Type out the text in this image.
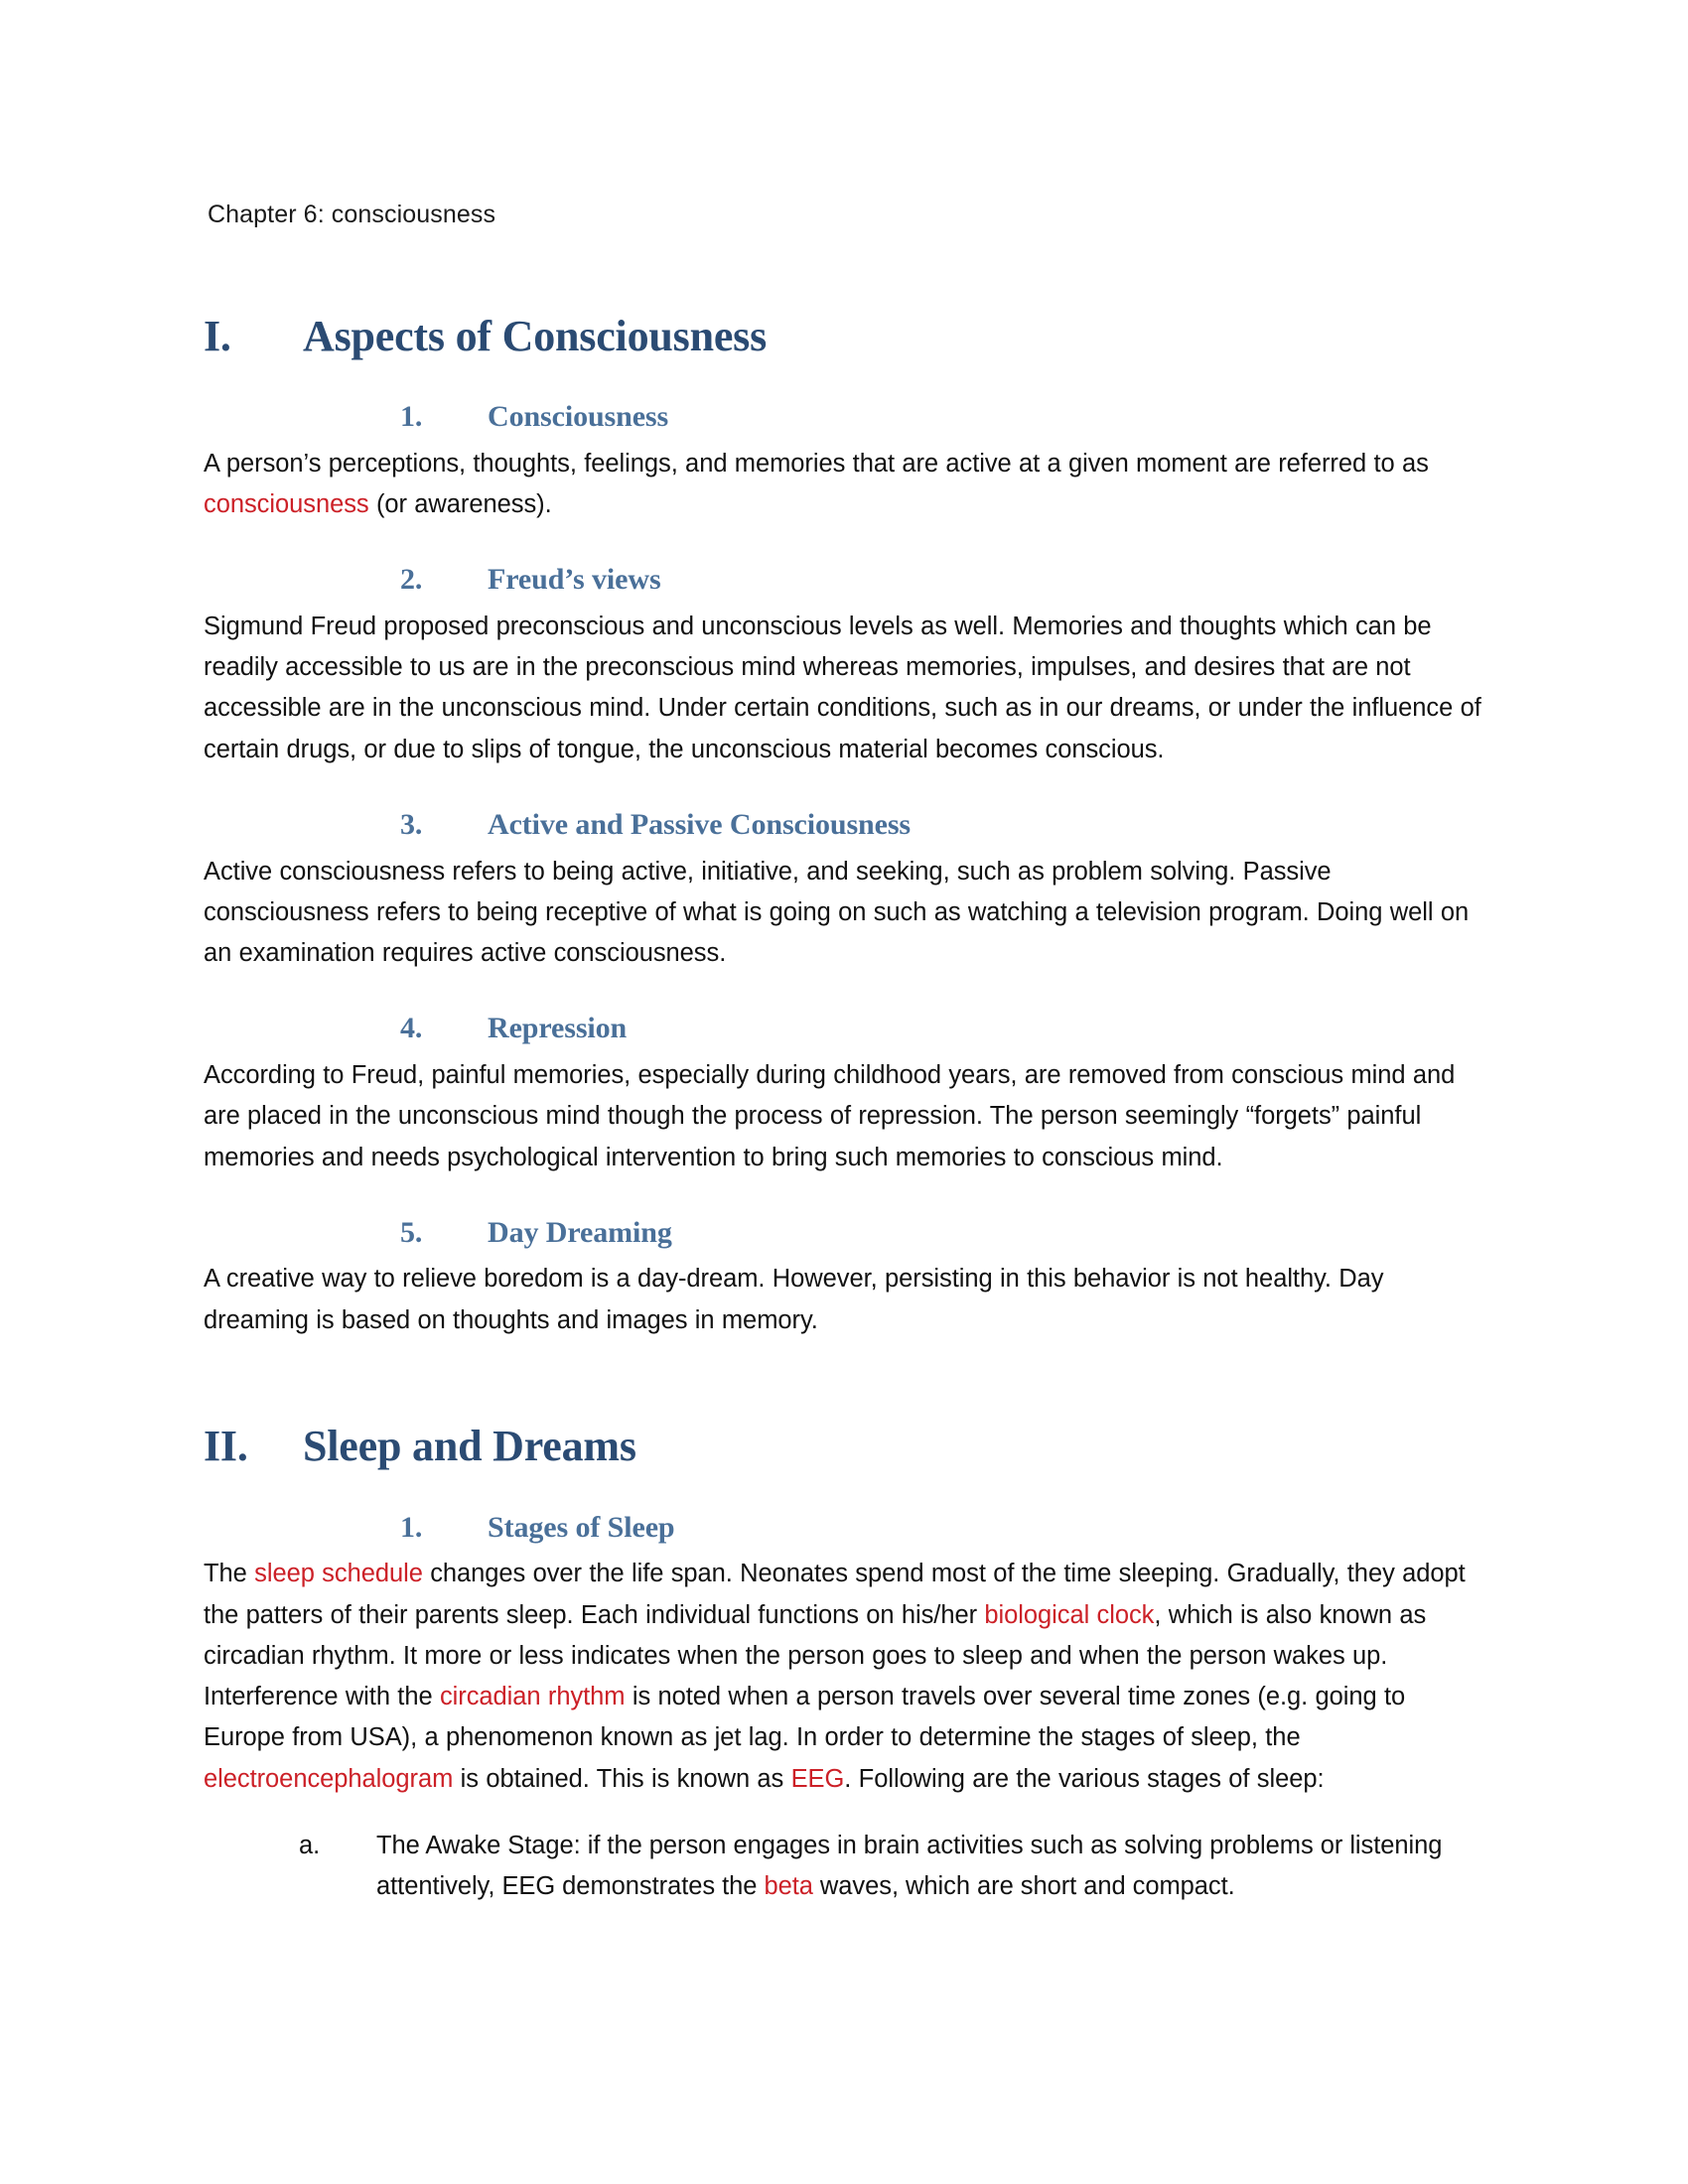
Chapter 6: consciousness
I.	Aspects of Consciousness
1.	Consciousness

A person’s perceptions, thoughts, feelings, and memories that are active at a given moment are referred to as consciousness (or awareness).

2.	Freud’s views

Sigmund Freud proposed preconscious and unconscious levels as well. Memories and thoughts which can be readily accessible to us are in the preconscious mind whereas memories, impulses, and desires that are not accessible are in the unconscious mind. Under certain conditions, such as in our dreams, or under the influence of certain drugs, or due to slips of tongue, the unconscious material becomes conscious.

3.	Active and Passive Consciousness

Active consciousness refers to being active, initiative, and seeking, such as problem solving. Passive consciousness refers to being receptive of what is going on such as watching a television program. Doing well on an examination requires active consciousness.

4.	Repression

According to Freud, painful memories, especially during childhood years, are removed from conscious mind and are placed in the unconscious mind though the process of repression. The person seemingly “forgets” painful memories and needs psychological intervention to bring such memories to conscious mind.

5.	Day Dreaming

A creative way to relieve boredom is a day-dream. However, persisting in this behavior is not healthy. Day dreaming is based on thoughts and images in memory.

II.	Sleep and Dreams
1.	Stages of Sleep

The sleep schedule changes over the life span. Neonates spend most of the time sleeping. Gradually, they adopt the patters of their parents sleep. Each individual functions on his/her biological clock, which is also known as circadian rhythm. It more or less indicates when the person goes to sleep and when the person wakes up. Interference with the circadian rhythm is noted when a person travels over several time zones (e.g. going to Europe from USA), a phenomenon known as jet lag. In order to determine the stages of sleep, the electroencephalogram is obtained. This is known as EEG. Following are the various stages of sleep:

a.	The Awake Stage: if the person engages in brain activities such as solving problems or listening attentively, EEG demonstrates the beta waves, which are short and compact.
